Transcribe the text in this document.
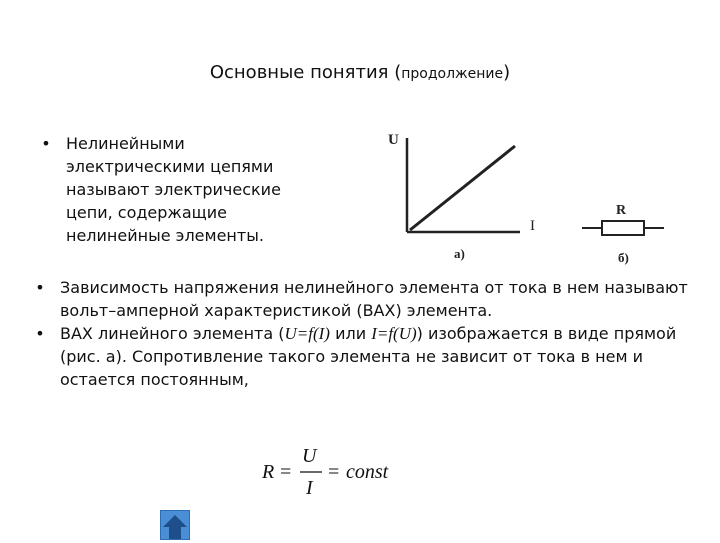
Основные понятия (продолжение)
• Нелинейными
электрическими цепями
называют электрические
цепи, содержащие
нелинейные элементы.
U
I
а)
R
б)
• Зависимость напряжения нелинейного элемента от тока в нем называют вольт–амперной характеристикой (ВАХ) элемента.
• ВАХ линейного элемента (U=f(I) или I=f(U)) изображается в виде прямой (рис. а). Сопротивление такого элемента не зависит от тока в нем и остается постоянным,
R =
U
I
= const
